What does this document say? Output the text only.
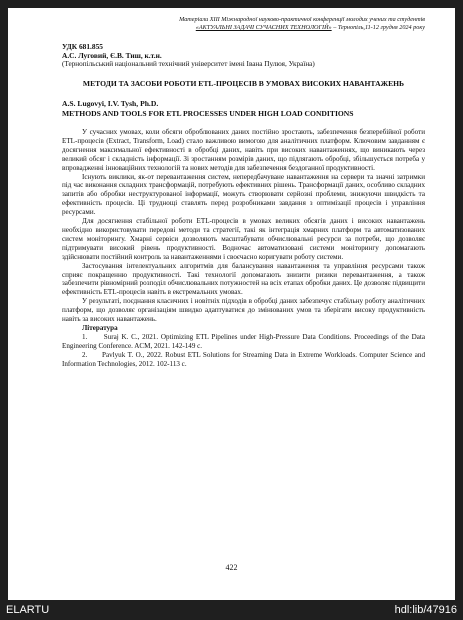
Матеріали ХІІІ Міжнародної науково-практичної конференції молодих учених та студентів
«АКТУАЛЬНІ ЗАДАЧІ СУЧАСНИХ ТЕХНОЛОГІЙ» – Тернопіль,11-12 грудня 2024 року
УДК 681.855
А.С. Луговий, Є.В. Тиш, к.т.н.
(Тернопільський національний технічний університет імені Івана Пулюя, Україна)
МЕТОДИ ТА ЗАСОБИ РОБОТИ ETL-ПРОЦЕСІВ В УМОВАХ ВИСОКИХ НАВАНТАЖЕНЬ
A.S. Lugovyi, I.V. Tysh, Ph.D.
METHODS AND TOOLS FOR ETL PROCESSES UNDER HIGH LOAD CONDITIONS

У сучасних умовах, коли обсяги оброблюваних даних постійно зростають, забезпечення безперебійної роботи ETL-процесів (Extract, Transform, Load) стало важливою вимогою для аналітичних платформ. Ключовим завданням є досягнення максимальної ефективності в обробці даних, навіть при високих навантаженнях, що виникають через великий обсяг і складність інформації. Зі зростанням розмірів даних, що підлягають обробці, збільшується потреба у впровадженні інноваційних технологій та нових методів для забезпечення бездоганної продуктивності.

Існують виклики, як-от перевантаження систем, непередбачуване навантаження на сервери та значні затримки під час виконання складних трансформацій, потребують ефективних рішень. Трансформації даних, особливо складних запитів або обробки неструктурованої інформації, можуть створювати серйозні проблеми, знижуючи швидкість та ефективність процесів. Ці труднощі ставлять перед розробниками завдання з оптимізації процесів і управління ресурсами.

Для досягнення стабільної роботи ETL-процесів в умовах великих обсягів даних і високих навантажень необхідно використовувати передові методи та стратегії, такі як інтеграція хмарних платформ та автоматизованих систем моніторингу. Хмарні сервіси дозволяють масштабувати обчислювальні ресурси за потреби, що дозволяє підтримувати високий рівень продуктивності. Водночас автоматизовані системи моніторингу допомагають здійснювати постійний контроль за навантаженнями і своєчасно коригувати роботу системи.

Застосування інтелектуальних алгоритмів для балансування навантаження та управління ресурсами також сприяє покращенню продуктивності. Такі технології допомагають знизити ризики перевантаження, а також забезпечити рівномірний розподіл обчислювальних потужностей на всіх етапах обробки даних. Це дозволяє підвищити ефективність ETL-процесів навіть в екстремальних умовах.

У результаті, поєднання класичних і новітніх підходів в обробці даних забезпечує стабільну роботу аналітичних платформ, що дозволяє організаціям швидко адаптуватися до змінюваних умов та зберігати високу продуктивність навіть за високих навантажень.

Література

1.      Suraj K. C., 2021. Optimizing ETL Pipelines under High-Pressure Data Conditions. Proceedings of the Data Engineering Conference. ACM, 2021. 142-149 с.

2.      Pavlyuk T. O., 2022. Robust ETL Solutions for Streaming Data in Extreme Workloads. Computer Science and Information Technologies, 2012. 102-113 с.

422
ELARTU	hdl:lib/47916
